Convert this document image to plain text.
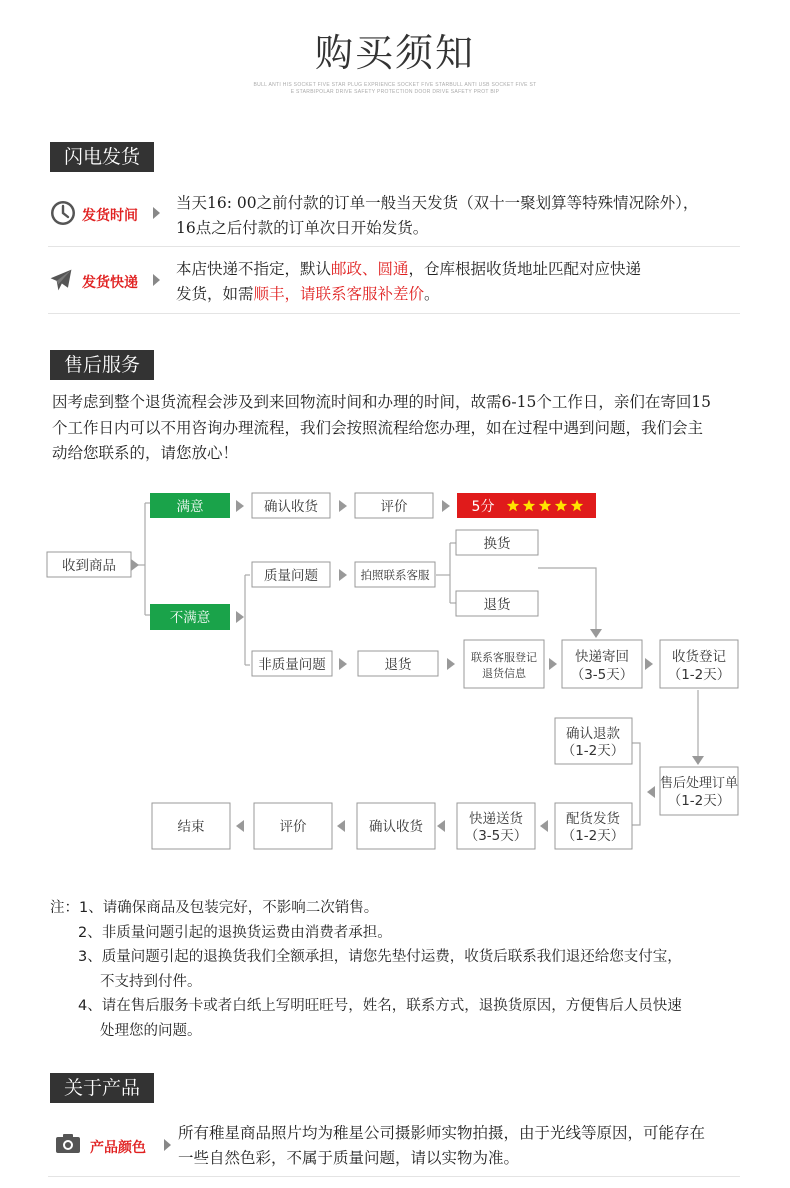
购买须知
BULL ANTI HIS SOCKET FIVE STAR PLUG EXPRIENCE SOCKET FIVE STARBULL ANTI USB SOCKET FIVE ST
E STARBIPOLAR DRIVE SAFETY PROTECTION DOOR DRIVE SAFETY PROT BIP
闪电发货
发货时间
当天16: 00之前付款的订单一般当天发货（双十一聚划算等特殊情况除外），
16点之后付款的订单次日开始发货。
发货快递
本店快递不指定，默认邮政、圆通，仓库根据收货地址匹配对应快递
发货，如需顺丰，请联系客服补差价。
售后服务
因考虑到整个退货流程会涉及到来回物流时间和办理的时间，故需6-15个工作日，亲们在寄回15
个工作日内可以不用咨询办理流程，我们会按照流程给您办理，如在过程中遇到问题，我们会主
动给您联系的，请您放心！
收到商品
满意
不满意
确认收货	评价	5分
质量问题	拍照联系客服
换货
退货
非质量问题	退货	联系客服登记
退货信息
快递寄回
（3-5天）
收货登记
（1-2天）
售后处理订单
（1-2天）
确认退款
（1-2天）
配货发货
（1-2天）
快递送货
（3-5天）
确认收货
评价
结束
注：1、请确保商品及包装完好，不影响二次销售。
2、非质量问题引起的退换货运费由消费者承担。
3、质量问题引起的退换货我们全额承担，请您先垫付运费，收货后联系我们退还给您支付宝，
不支持到付件。
4、请在售后服务卡或者白纸上写明旺旺号，姓名，联系方式，退换货原因，方便售后人员快速
处理您的问题。
关于产品
产品颜色
所有稚星商品照片均为稚星公司摄影师实物拍摄，由于光线等原因，可能存在
一些自然色彩，不属于质量问题，请以实物为准。
